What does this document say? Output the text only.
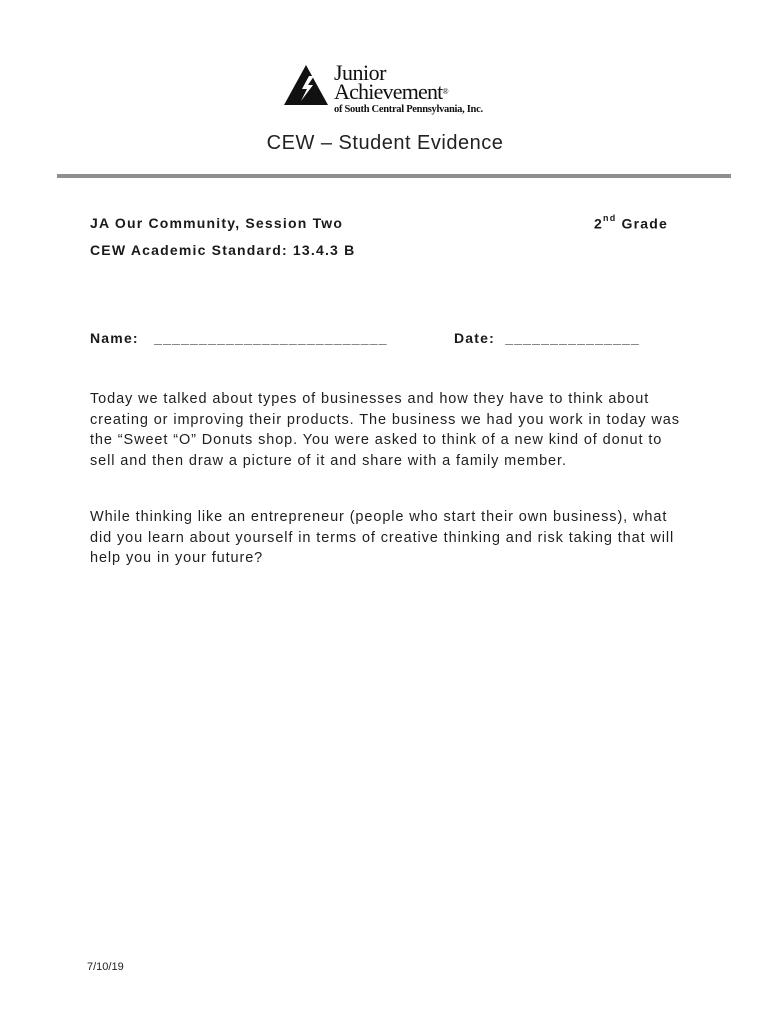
Junior
Achievement®
of South Central Pennsylvania, Inc.
CEW – Student Evidence
JA Our Community, Session Two	2nd Grade
CEW Academic Standard: 13.4.3 B
Name: __________________________	Date: _______________
Today we talked about types of businesses and how they have to think about creating or improving their products. The business we had you work in today was the “Sweet “O” Donuts shop. You were asked to think of a new kind of donut to sell and then draw a picture of it and share with a family member.
While thinking like an entrepreneur (people who start their own business), what did you learn about yourself in terms of creative thinking and risk taking that will help you in your future?
7/10/19
